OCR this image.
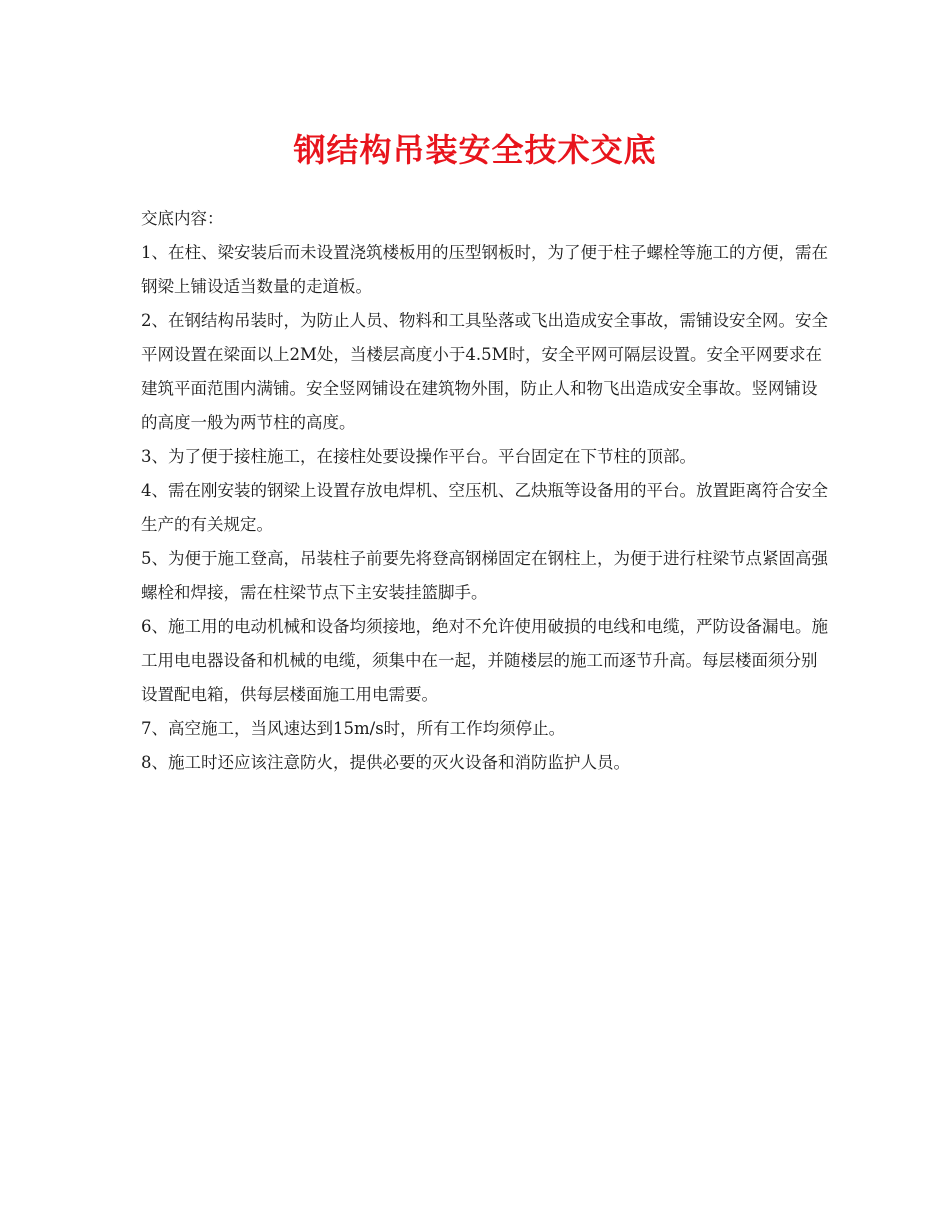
钢结构吊装安全技术交底

交底内容：

1、在柱、梁安装后而未设置浇筑楼板用的压型钢板时，为了便于柱子螺栓等施工的方便，需在钢梁上铺设适当数量的走道板。

2、在钢结构吊装时，为防止人员、物料和工具坠落或飞出造成安全事故，需铺设安全网。安全平网设置在梁面以上2M处，当楼层高度小于4.5M时，安全平网可隔层设置。安全平网要求在建筑平面范围内满铺。安全竖网铺设在建筑物外围，防止人和物飞出造成安全事故。竖网铺设的高度一般为两节柱的高度。

3、为了便于接柱施工，在接柱处要设操作平台。平台固定在下节柱的顶部。

4、需在刚安装的钢梁上设置存放电焊机、空压机、乙炔瓶等设备用的平台。放置距离符合安全生产的有关规定。

5、为便于施工登高，吊装柱子前要先将登高钢梯固定在钢柱上，为便于进行柱梁节点紧固高强螺栓和焊接，需在柱梁节点下主安装挂篮脚手。

6、施工用的电动机械和设备均须接地，绝对不允许使用破损的电线和电缆，严防设备漏电。施工用电电器设备和机械的电缆，须集中在一起，并随楼层的施工而逐节升高。每层楼面须分别设置配电箱，供每层楼面施工用电需要。

7、高空施工，当风速达到15m/s时，所有工作均须停止。

8、施工时还应该注意防火，提供必要的灭火设备和消防监护人员。
